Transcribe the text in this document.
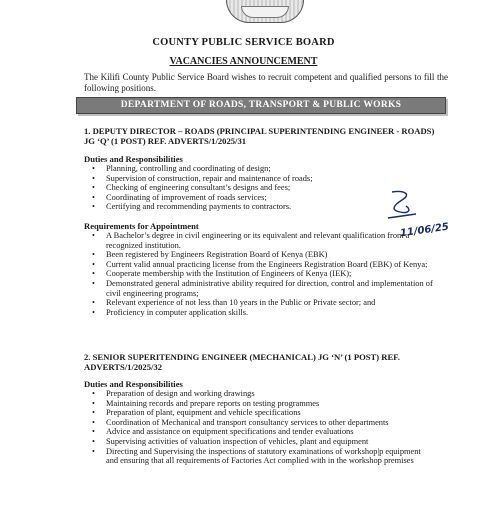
COUNTY PUBLIC SERVICE BOARD
VACANCIES ANNOUNCEMENT
The Kilifi County Public Service Board wishes to recruit competent and qualified persons to fill the following positions.
DEPARTMENT OF ROADS, TRANSPORT & PUBLIC WORKS
1. DEPUTY DIRECTOR – ROADS (PRINCIPAL SUPERINTENDING ENGINEER - ROADS)
JG ‘Q’ (1 POST) REF. ADVERTS/1/2025/31
Duties and Responsibilities
• Planning, controlling and coordinating of design;
• Supervision of construction, repair and maintenance of roads;
• Checking of engineering consultant’s designs and fees;
• Coordinating of improvement of roads services;
• Certifying and recommending payments to contractors.
11/06/25
Requirements for Appointment
• A Bachelor’s degree in civil engineering or its equivalent and relevant qualification from a recognized institution.
• Been registered by Engineers Registration Board of Kenya (EBK)
• Current valid annual practicing license from the Engineers Registration Board (EBK) of Kenya;
• Cooperate membership with the Institution of Engineers of Kenya (IEK);
• Demonstrated general administrative ability required for direction, control and implementation of civil engineering programs;
• Relevant experience of not less than 10 years in the Public or Private sector; and
• Proficiency in computer application skills.
2. SENIOR SUPERITENDING ENGINEER (MECHANICAL) JG ‘N’ (1 POST) REF.
ADVERTS/1/2025/32
Duties and Responsibilities
• Preparation of design and working drawings
• Maintaining records and prepare reports on testing programmes
• Preparation of plant, equipment and vehicle specifications
• Coordination of Mechanical and transport consultancy services to other departments
• Advice and assistance on equipment specifications and tender evaluations
• Supervising activities of valuation inspection of vehicles, plant and equipment
• Directing and Supervising the inspections of statutory examinations of workshop|p equipment and ensuring that all requirements of Factories Act complied with in the workshop premises
